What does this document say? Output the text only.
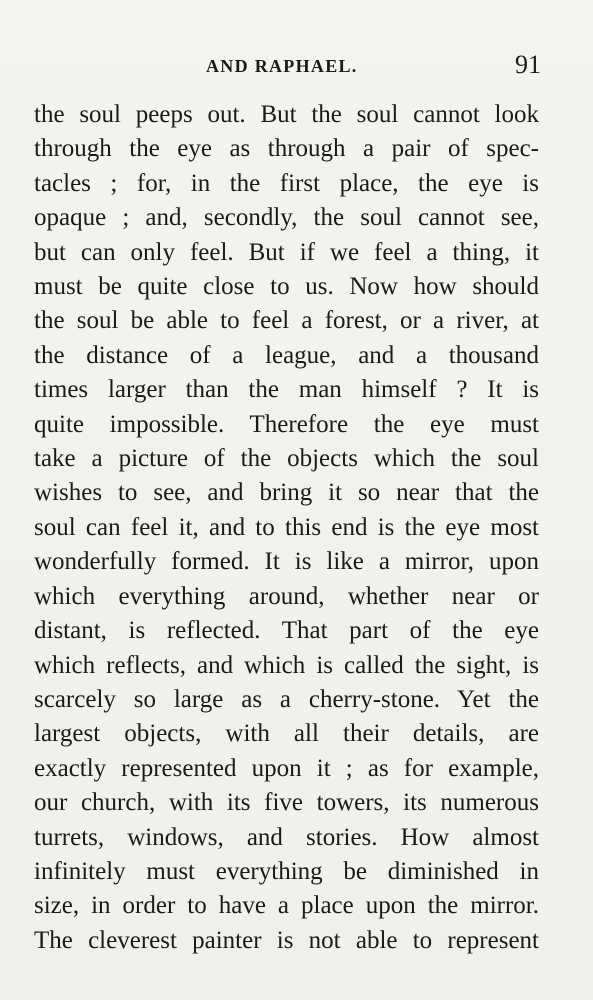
AND RAPHAEL.	91
the soul peeps out. But the soul cannot look
through the eye as through a pair of spec-
tacles ; for, in the first place, the eye is
opaque ; and, secondly, the soul cannot see,
but can only feel. But if we feel a thing, it
must be quite close to us. Now how should
the soul be able to feel a forest, or a river, at
the distance of a league, and a thousand
times larger than the man himself ? It is
quite impossible. Therefore the eye must
take a picture of the objects which the soul
wishes to see, and bring it so near that the
soul can feel it, and to this end is the eye most
wonderfully formed. It is like a mirror, upon
which everything around, whether near or
distant, is reflected. That part of the eye
which reflects, and which is called the sight, is
scarcely so large as a cherry-stone. Yet the
largest objects, with all their details, are
exactly represented upon it ; as for example,
our church, with its five towers, its numerous
turrets, windows, and stories. How almost
infinitely must everything be diminished in
size, in order to have a place upon the mirror.
The cleverest painter is not able to represent
